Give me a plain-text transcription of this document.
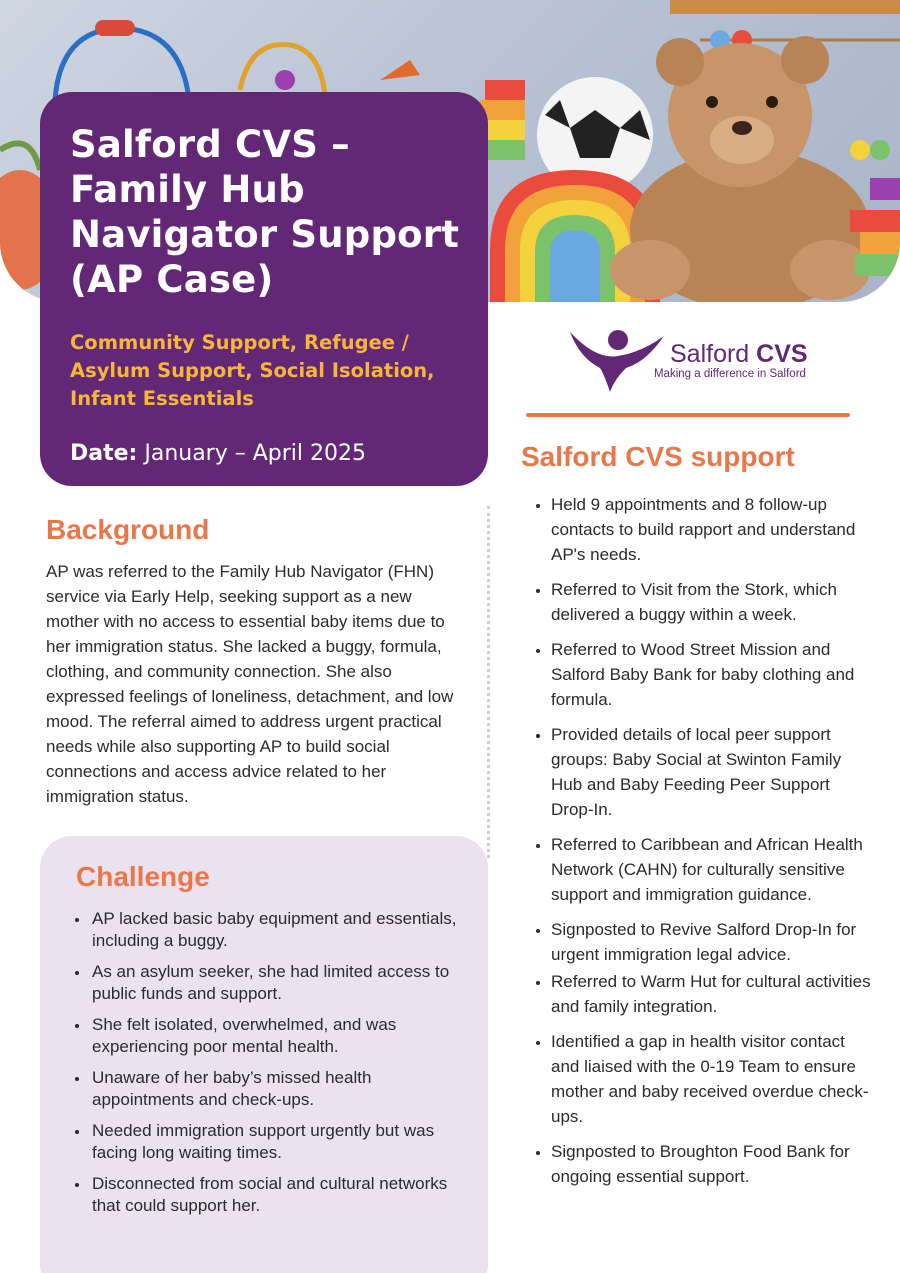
Salford CVS – Family Hub Navigator Support (AP Case)
Community Support, Refugee / Asylum Support, Social Isolation, Infant Essentials
Date: January – April 2025
Salford CVS
Making a difference in Salford
Background

AP was referred to the Family Hub Navigator (FHN) service via Early Help, seeking support as a new mother with no access to essential baby items due to her immigration status. She lacked a buggy, formula, clothing, and community connection. She also expressed feelings of loneliness, detachment, and low mood. The referral aimed to address urgent practical needs while also supporting AP to build social connections and access advice related to her immigration status.

Challenge
• AP lacked basic baby equipment and essentials, including a buggy.
• As an asylum seeker, she had limited access to public funds and support.
• She felt isolated, overwhelmed, and was experiencing poor mental health.
• Unaware of her baby’s missed health appointments and check-ups.
• Needed immigration support urgently but was facing long waiting times.
• Disconnected from social and cultural networks that could support her.
Salford CVS support
• Held 9 appointments and 8 follow-up contacts to build rapport and understand AP's needs.
• Referred to Visit from the Stork, which delivered a buggy within a week.
• Referred to Wood Street Mission and Salford Baby Bank for baby clothing and formula.
• Provided details of local peer support groups: Baby Social at Swinton Family Hub and Baby Feeding Peer Support Drop-In.
• Referred to Caribbean and African Health Network (CAHN) for culturally sensitive support and immigration guidance.
• Signposted to Revive Salford Drop-In for urgent immigration legal advice.
• Referred to Warm Hut for cultural activities and family integration.
• Identified a gap in health visitor contact and liaised with the 0-19 Team to ensure mother and baby received overdue check-ups.
• Signposted to Broughton Food Bank for ongoing essential support.
